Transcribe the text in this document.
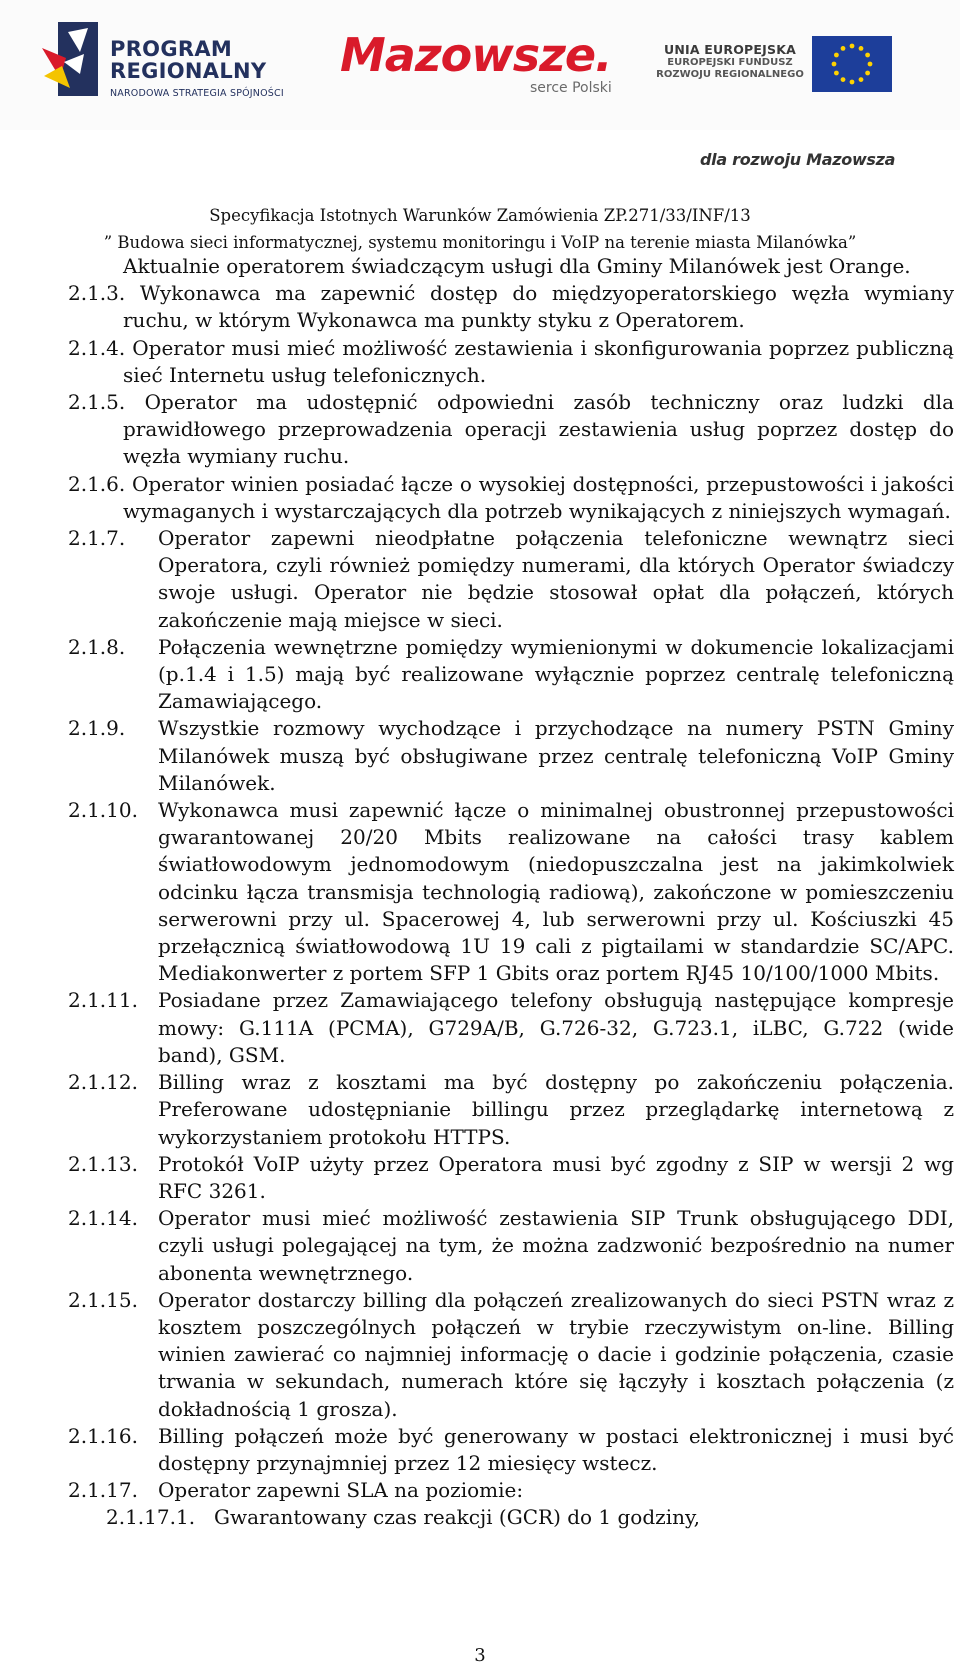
PROGRAM
REGIONALNY
NARODOWA STRATEGIA SPÓJNOŚCI
Mazowsze.
serce Polski
UNIA EUROPEJSKA
EUROPEJSKI FUNDUSZ
ROZWOJU REGIONALNEGO
dla rozwoju Mazowsza
Specyfikacja Istotnych Warunków Zamówienia ZP.271/33/INF/13
” Budowa sieci informatycznej, systemu monitoringu i VoIP na terenie miasta Milanówka”
Aktualnie operatorem świadczącym usługi dla Gminy Milanówek jest Orange.
2.1.3. Wykonawca ma zapewnić dostęp do międzyoperatorskiego węzła wymiany ruchu, w którym Wykonawca ma punkty styku z Operatorem.
2.1.4. Operator musi mieć możliwość zestawienia i skonfigurowania poprzez publiczną sieć Internetu usług telefonicznych.
2.1.5. Operator ma udostępnić odpowiedni zasób techniczny oraz ludzki dla prawidłowego przeprowadzenia operacji zestawienia usług poprzez dostęp do węzła wymiany ruchu.
2.1.6. Operator winien posiadać łącze o wysokiej dostępności, przepustowości i jakości wymaganych i wystarczających dla potrzeb wynikających z niniejszych wymagań.
2.1.7.	Operator zapewni nieodpłatne połączenia telefoniczne wewnątrz sieci Operatora, czyli również pomiędzy numerami, dla których Operator świadczy swoje usługi. Operator nie będzie stosował opłat dla połączeń, których zakończenie mają miejsce w sieci.
2.1.8.	Połączenia wewnętrzne pomiędzy wymienionymi w dokumencie lokalizacjami (p.1.4 i 1.5) mają być realizowane wyłącznie poprzez centralę telefoniczną Zamawiającego.
2.1.9.	Wszystkie rozmowy wychodzące i przychodzące na numery PSTN Gminy Milanówek muszą być obsługiwane przez centralę telefoniczną VoIP Gminy Milanówek.
2.1.10.	Wykonawca musi zapewnić łącze o minimalnej obustronnej przepustowości gwarantowanej 20/20 Mbits realizowane na całości trasy kablem światłowodowym jednomodowym (niedopuszczalna jest na jakimkolwiek odcinku łącza transmisja technologią radiową), zakończone w pomieszczeniu serwerowni przy ul. Spacerowej 4, lub serwerowni przy ul. Kościuszki 45 przełącznicą światłowodową 1U 19 cali z pigtailami w standardzie SC/APC. Mediakonwerter z portem SFP 1 Gbits oraz portem RJ45 10/100/1000 Mbits.
2.1.11.	Posiadane przez Zamawiającego telefony obsługują następujące kompresje mowy: G.111A (PCMA), G729A/B, G.726-32, G.723.1, iLBC, G.722 (wide band), GSM.
2.1.12.	Billing wraz z kosztami ma być dostępny po zakończeniu połączenia. Preferowane udostępnianie billingu przez przeglądarkę internetową z wykorzystaniem protokołu HTTPS.
2.1.13.	Protokół VoIP użyty przez Operatora musi być zgodny z SIP w wersji 2 wg RFC 3261.
2.1.14.	Operator musi mieć możliwość zestawienia SIP Trunk obsługującego DDI, czyli usługi polegającej na tym, że można zadzwonić bezpośrednio na numer abonenta wewnętrznego.
2.1.15.	Operator dostarczy billing dla połączeń zrealizowanych do sieci PSTN wraz z kosztem poszczególnych połączeń w trybie rzeczywistym on-line. Billing winien zawierać co najmniej informację o dacie i godzinie połączenia, czasie trwania w sekundach, numerach które się łączyły i kosztach połączenia (z dokładnością 1 grosza).
2.1.16.	Billing połączeń może być generowany w postaci elektronicznej i musi być dostępny przynajmniej przez 12 miesięcy wstecz.
2.1.17.	Operator zapewni SLA na poziomie:
2.1.17.1. Gwarantowany czas reakcji (GCR) do 1 godziny,
3
